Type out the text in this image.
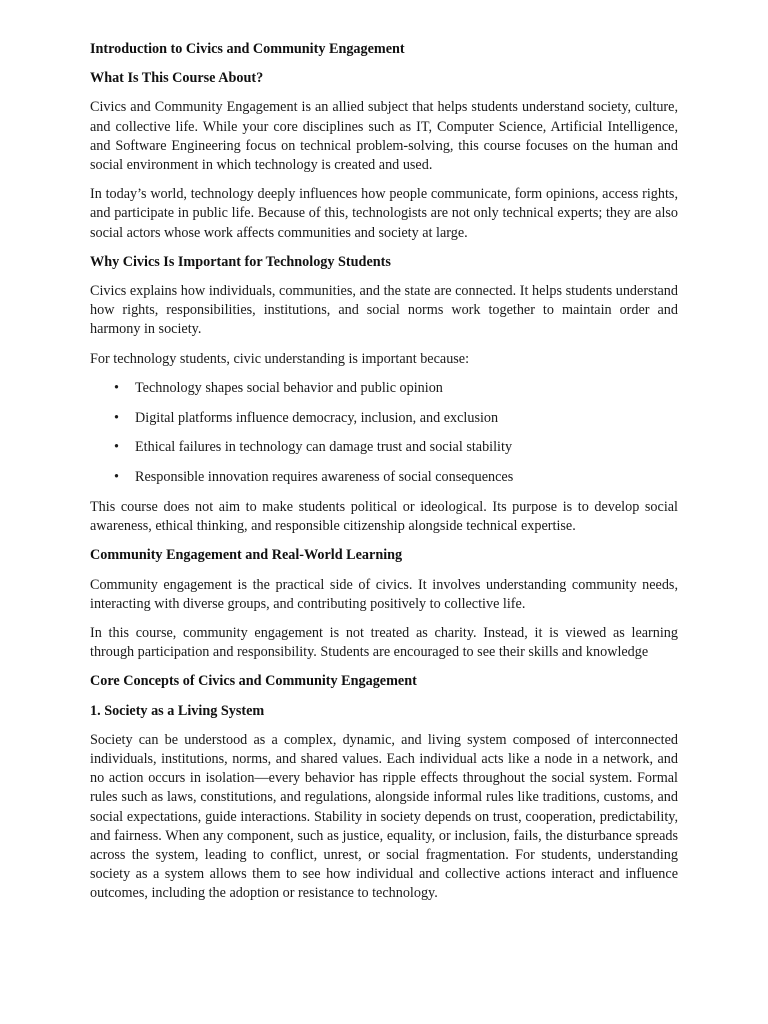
Introduction to Civics and Community Engagement
What Is This Course About?

Civics and Community Engagement is an allied subject that helps students understand society, culture, and collective life. While your core disciplines such as IT, Computer Science, Artificial Intelligence, and Software Engineering focus on technical problem-solving, this course focuses on the human and social environment in which technology is created and used.

In today’s world, technology deeply influences how people communicate, form opinions, access rights, and participate in public life. Because of this, technologists are not only technical experts; they are also social actors whose work affects communities and society at large.

Why Civics Is Important for Technology Students

Civics explains how individuals, communities, and the state are connected. It helps students understand how rights, responsibilities, institutions, and social norms work together to maintain order and harmony in society.

For technology students, civic understanding is important because:

• Technology shapes social behavior and public opinion
• Digital platforms influence democracy, inclusion, and exclusion
• Ethical failures in technology can damage trust and social stability
• Responsible innovation requires awareness of social consequences

This course does not aim to make students political or ideological. Its purpose is to develop social awareness, ethical thinking, and responsible citizenship alongside technical expertise.

Community Engagement and Real-World Learning

Community engagement is the practical side of civics. It involves understanding community needs, interacting with diverse groups, and contributing positively to collective life.

In this course, community engagement is not treated as charity. Instead, it is viewed as learning through participation and responsibility. Students are encouraged to see their skills and knowledge

Core Concepts of Civics and Community Engagement
1. Society as a Living System

Society can be understood as a complex, dynamic, and living system composed of interconnected individuals, institutions, norms, and shared values. Each individual acts like a node in a network, and no action occurs in isolation—every behavior has ripple effects throughout the social system. Formal rules such as laws, constitutions, and regulations, alongside informal rules like traditions, customs, and social expectations, guide interactions. Stability in society depends on trust, cooperation, predictability, and fairness. When any component, such as justice, equality, or inclusion, fails, the disturbance spreads across the system, leading to conflict, unrest, or social fragmentation. For students, understanding society as a system allows them to see how individual and collective actions interact and influence outcomes, including the adoption or resistance to technology.
